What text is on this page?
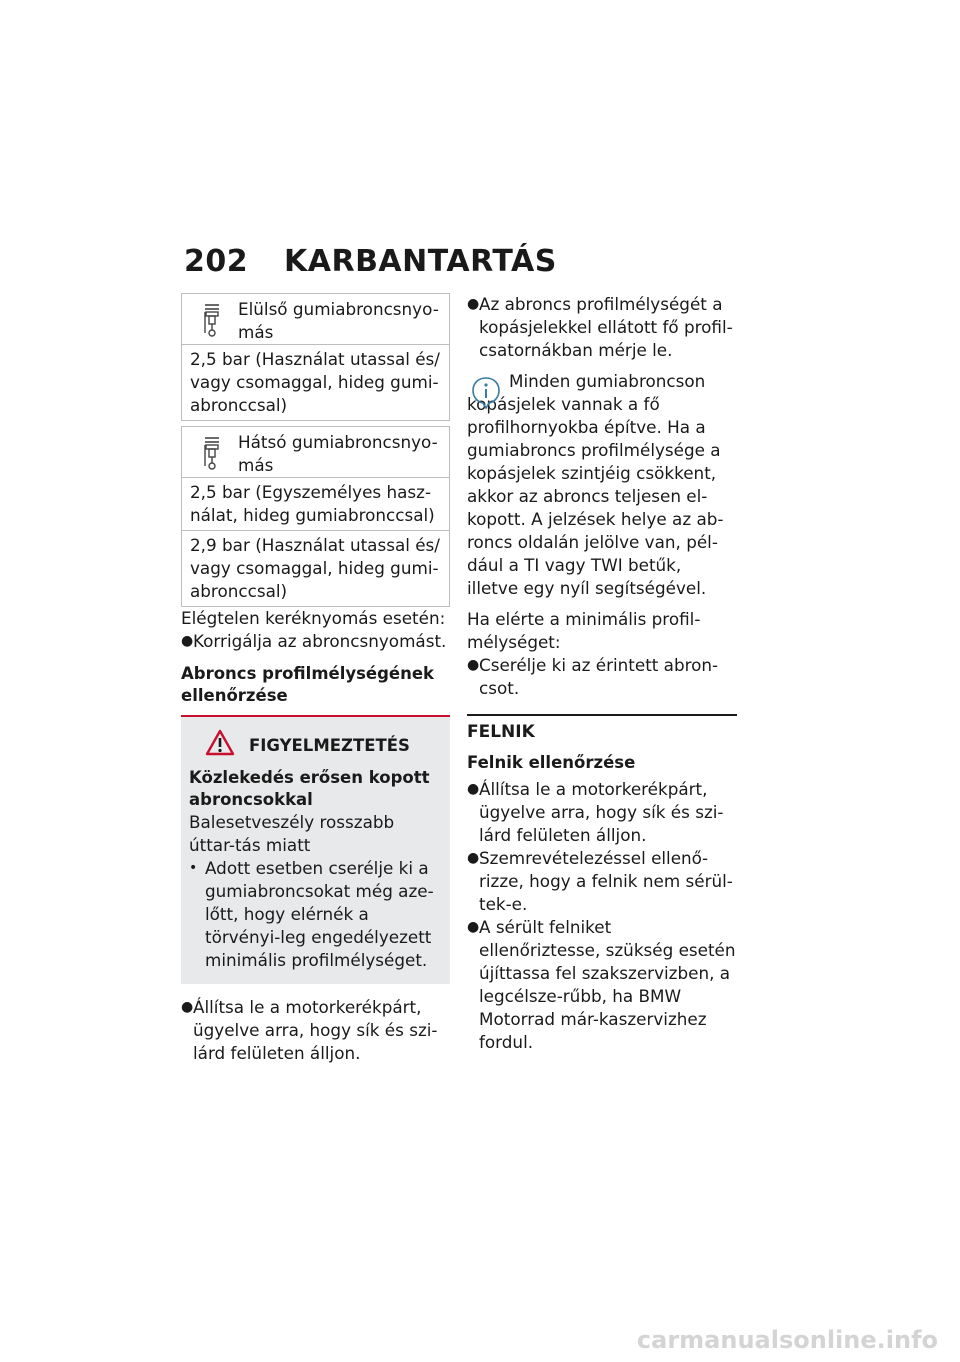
202 KARBANTARTÁS
Elülső gumiabroncsnyo-más
2,5 bar (Használat utassal és/ vagy csomaggal, hideg gumi-abronccsal)
Hátsó gumiabroncsnyo-más
2,5 bar (Egyszemélyes hasz-nálat, hideg gumiabronccsal)
2,9 bar (Használat utassal és/ vagy csomaggal, hideg gumi-abronccsal)
Elégtelen keréknyomás esetén:
● Korrigálja az abroncsnyomást.
Abroncs profilmélységének ellenőrzése
FIGYELMEZTETÉS
Közlekedés erősen kopott abroncsokkal
Balesetveszély rosszabb úttar-tás miatt
• Adott esetben cserélje ki a gumiabroncsokat még aze-lőtt, hogy elérnék a törvényi-leg engedélyezett minimális profilmélységet.
● Állítsa le a motorkerékpárt, ügyelve arra, hogy sík és szi-lárd felületen álljon.
● Az abroncs profilmélységét a kopásjelekkel ellátott fő profil-csatornákban mérje le.
Minden gumiabroncson kopásjelek vannak a fő profilhornyokba építve. Ha a gumiabroncs profilmélysége a kopásjelek szintjéig csökkent, akkor az abroncs teljesen el-kopott. A jelzések helye az ab-roncs oldalán jelölve van, pél-dául a TI vagy TWI betűk, illetve egy nyíl segítségével.
Ha elérte a minimális profil-mélységet:
● Cserélje ki az érintett abron-csot.
FELNIK
Felnik ellenőrzése
● Állítsa le a motorkerékpárt, ügyelve arra, hogy sík és szi-lárd felületen álljon.
● Szemrevételezéssel ellenő-rizze, hogy a felnik nem sérül-tek-e.
● A sérült felniket ellenőriztesse, szükség esetén újíttassa fel szakszervizben, a legcélsze-rűbb, ha BMW Motorrad már-kaszervizhez fordul.
carmanualsonline.info
